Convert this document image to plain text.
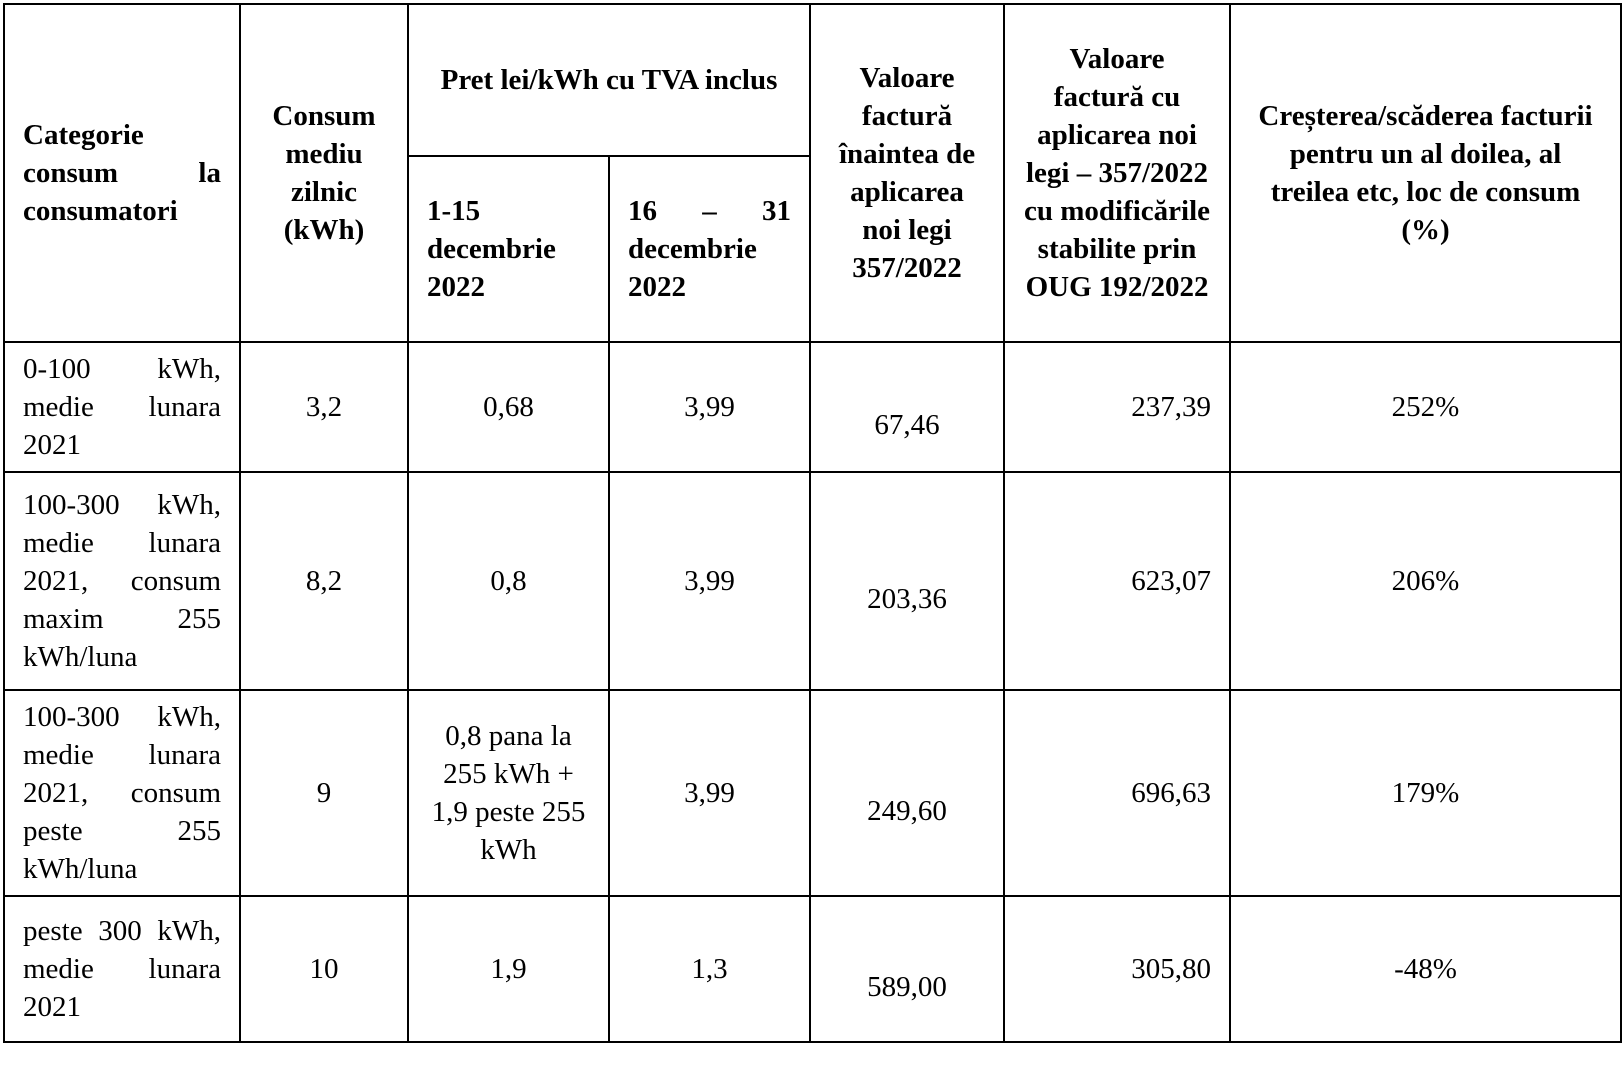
Categorie consum la consumatori	Consum mediu zilnic (kWh)	Pret lei/kWh cu TVA inclus		Valoare factură înaintea de aplicarea noi legi 357/2022	Valoare factură cu aplicarea noi legi – 357/2022 cu modificările stabilite prin OUG 192/2022	Creșterea/scăderea facturii pentru un al doilea, al treilea etc, loc de consum (%)
		1-15 decembrie 2022	16 – 31 decembrie 2022			
0-100 kWh, medie lunara 2021	3,2	0,68	3,99	67,46	237,39	252%
100-300 kWh, medie lunara 2021, consum maxim 255 kWh/luna	8,2	0,8	3,99	203,36	623,07	206%
100-300 kWh, medie lunara 2021, consum peste 255 kWh/luna	9	0,8 pana la 255 kWh + 1,9 peste 255 kWh	3,99	249,60	696,63	179%
peste 300 kWh, medie lunara 2021	10	1,9	1,3	589,00	305,80	-48%
